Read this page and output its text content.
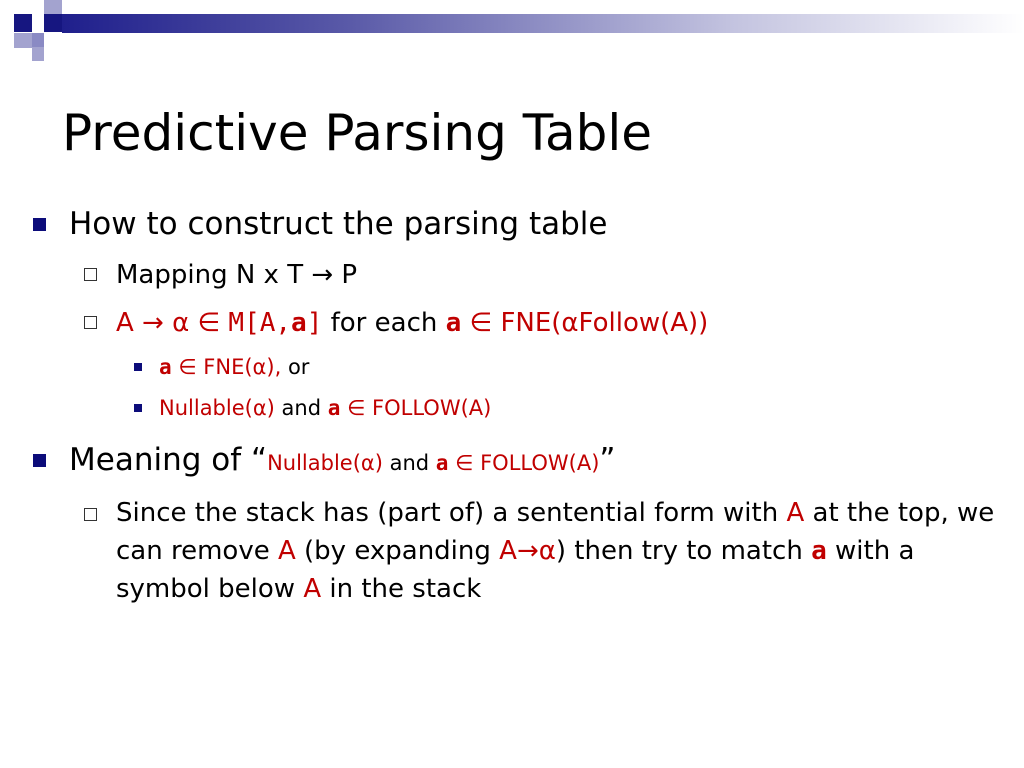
Predictive Parsing Table
How to construct the parsing table
Mapping N x T → P
A → α ∈ M[A,a] for each a ∈ FNE(αFollow(A))
a ∈ FNE(α), or
Nullable(α) and a ∈ FOLLOW(A)
Meaning of “Nullable(α) and a ∈ FOLLOW(A)”
Since the stack has (part of) a sentential form with A at the top, we can remove A (by expanding A→α) then try to match a with a symbol below A in the stack
